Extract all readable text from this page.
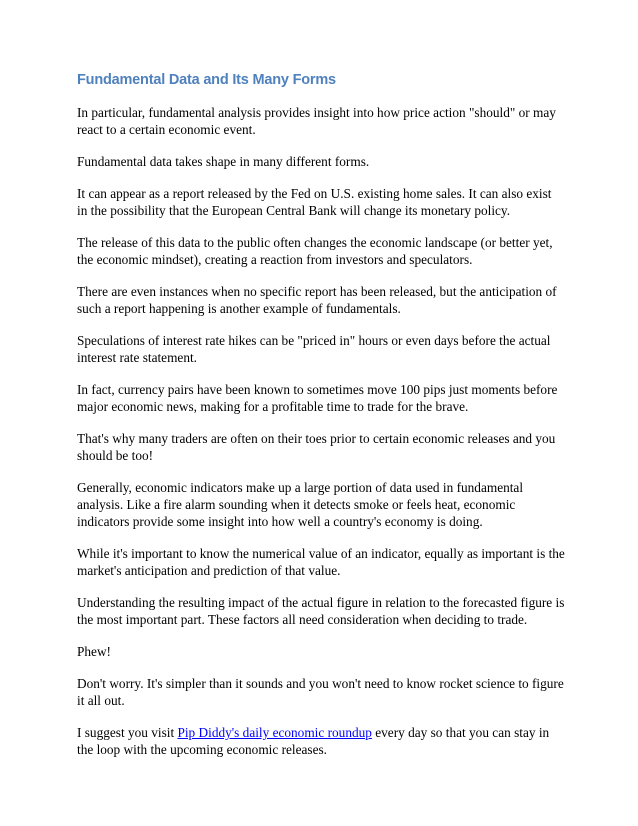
Fundamental Data and Its Many Forms

In particular, fundamental analysis provides insight into how price action "should" or may react to a certain economic event.

Fundamental data takes shape in many different forms.

It can appear as a report released by the Fed on U.S. existing home sales. It can also exist in the possibility that the European Central Bank will change its monetary policy.

The release of this data to the public often changes the economic landscape (or better yet, the economic mindset), creating a reaction from investors and speculators.

There are even instances when no specific report has been released, but the anticipation of such a report happening is another example of fundamentals.

Speculations of interest rate hikes can be "priced in" hours or even days before the actual interest rate statement.

In fact, currency pairs have been known to sometimes move 100 pips just moments before major economic news, making for a profitable time to trade for the brave.

That's why many traders are often on their toes prior to certain economic releases and you should be too!

Generally, economic indicators make up a large portion of data used in fundamental analysis. Like a fire alarm sounding when it detects smoke or feels heat, economic indicators provide some insight into how well a country's economy is doing.

While it's important to know the numerical value of an indicator, equally as important is the market's anticipation and prediction of that value.

Understanding the resulting impact of the actual figure in relation to the forecasted figure is the most important part. These factors all need consideration when deciding to trade.

Phew!

Don't worry. It's simpler than it sounds and you won't need to know rocket science to figure it all out.

I suggest you visit Pip Diddy's daily economic roundup every day so that you can stay in the loop with the upcoming economic releases.
